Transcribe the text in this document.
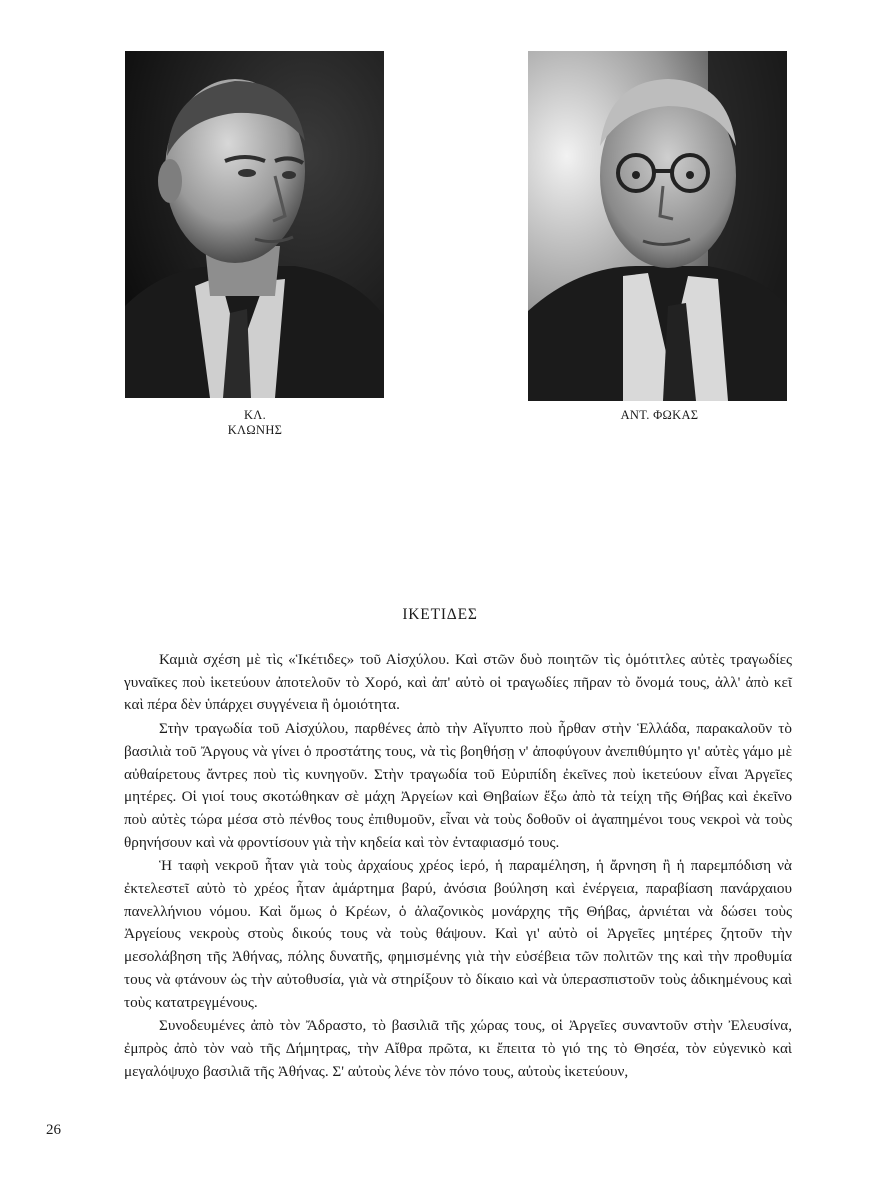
ΚΛ. ΚΛΩΝΗΣ
ΑΝΤ. ΦΩΚΑΣ
ΙΚΕΤΙΔΕΣ

Καμιὰ σχέση μὲ τὶς «Ἱκέτιδες» τοῦ Αἰσχύλου. Καὶ στῶν δυὸ ποιητῶν τὶς ὁμότιτλες αὐτὲς τραγωδίες γυναῖκες ποὺ ἱκετεύουν ἀποτελοῦν τὸ Χορό, καὶ ἀπ' αὐτὸ οἱ τραγωδίες πῆραν τὸ ὄνομά τους, ἀλλ' ἀπὸ κεῖ καὶ πέρα δὲν ὑπάρχει συγγένεια ἢ ὁμοιότητα.

Στὴν τραγωδία τοῦ Αἰσχύλου, παρθένες ἀπὸ τὴν Αἴγυπτο ποὺ ἦρθαν στὴν Ἑλλάδα, παρακαλοῦν τὸ βασιλιὰ τοῦ Ἄργους νὰ γίνει ὁ προστάτης τους, νὰ τὶς βοηθήσῃ ν' ἀποφύγουν ἀνεπιθύμητο γι' αὐτὲς γάμο μὲ αὐθαίρετους ἄντρες ποὺ τὶς κυνηγοῦν. Στὴν τραγωδία τοῦ Εὐριπίδη ἐκεῖνες ποὺ ἱκετεύουν εἶναι Ἀργεῖες μητέρες. Οἱ γιοί τους σκοτώθηκαν σὲ μάχη Ἀργείων καὶ Θηβαίων ἔξω ἀπὸ τὰ τείχη τῆς Θήβας καὶ ἐκεῖνο ποὺ αὐτὲς τώρα μέσα στὸ πένθος τους ἐπιθυμοῦν, εἶναι νὰ τοὺς δοθοῦν οἱ ἀγαπημένοι τους νεκροὶ νὰ τοὺς θρηνήσουν καὶ νὰ φροντίσουν γιὰ τὴν κηδεία καὶ τὸν ἐνταφιασμό τους.

Ἡ ταφὴ νεκροῦ ἦταν γιὰ τοὺς ἀρχαίους χρέος ἱερό, ἡ παραμέληση, ἡ ἄρνηση ἢ ἡ παρεμπόδιση νὰ ἐκτελεστεῖ αὐτὸ τὸ χρέος ἦταν ἁμάρτημα βαρύ, ἀνόσια βούληση καὶ ἐνέργεια, παραβίαση πανάρχαιου πανελλήνιου νόμου. Καὶ ὅμως ὁ Κρέων, ὁ ἀλαζονικὸς μονάρχης τῆς Θήβας, ἀρνιέται νὰ δώσει τοὺς Ἀργείους νεκροὺς στοὺς δικούς τους νὰ τοὺς θάψουν. Καὶ γι' αὐτὸ οἱ Ἀργεῖες μητέρες ζητοῦν τὴν μεσολάβηση τῆς Ἀθήνας, πόλης δυνατῆς, φημισμένης γιὰ τὴν εὐσέβεια τῶν πολιτῶν της καὶ τὴν προθυμία τους νὰ φτάνουν ὡς τὴν αὐτοθυσία, γιὰ νὰ στηρίξουν τὸ δίκαιο καὶ νὰ ὑπερασπιστοῦν τοὺς ἀδικημένους καὶ τοὺς κατατρεγμένους.

Συνοδευμένες ἀπὸ τὸν Ἄδραστο, τὸ βασιλιᾶ τῆς χώρας τους, οἱ Ἀργεῖες συναντοῦν στὴν Ἐλευσίνα, ἐμπρὸς ἀπὸ τὸν ναὸ τῆς Δήμητρας, τὴν Αἴθρα πρῶτα, κι ἔπειτα τὸ γιό της τὸ Θησέα, τὸν εὐγενικὸ καὶ μεγαλόψυχο βασιλιᾶ τῆς Ἀθήνας. Σ' αὐτοὺς λένε τὸν πόνο τους, αὐτοὺς ἱκετεύουν,

26
